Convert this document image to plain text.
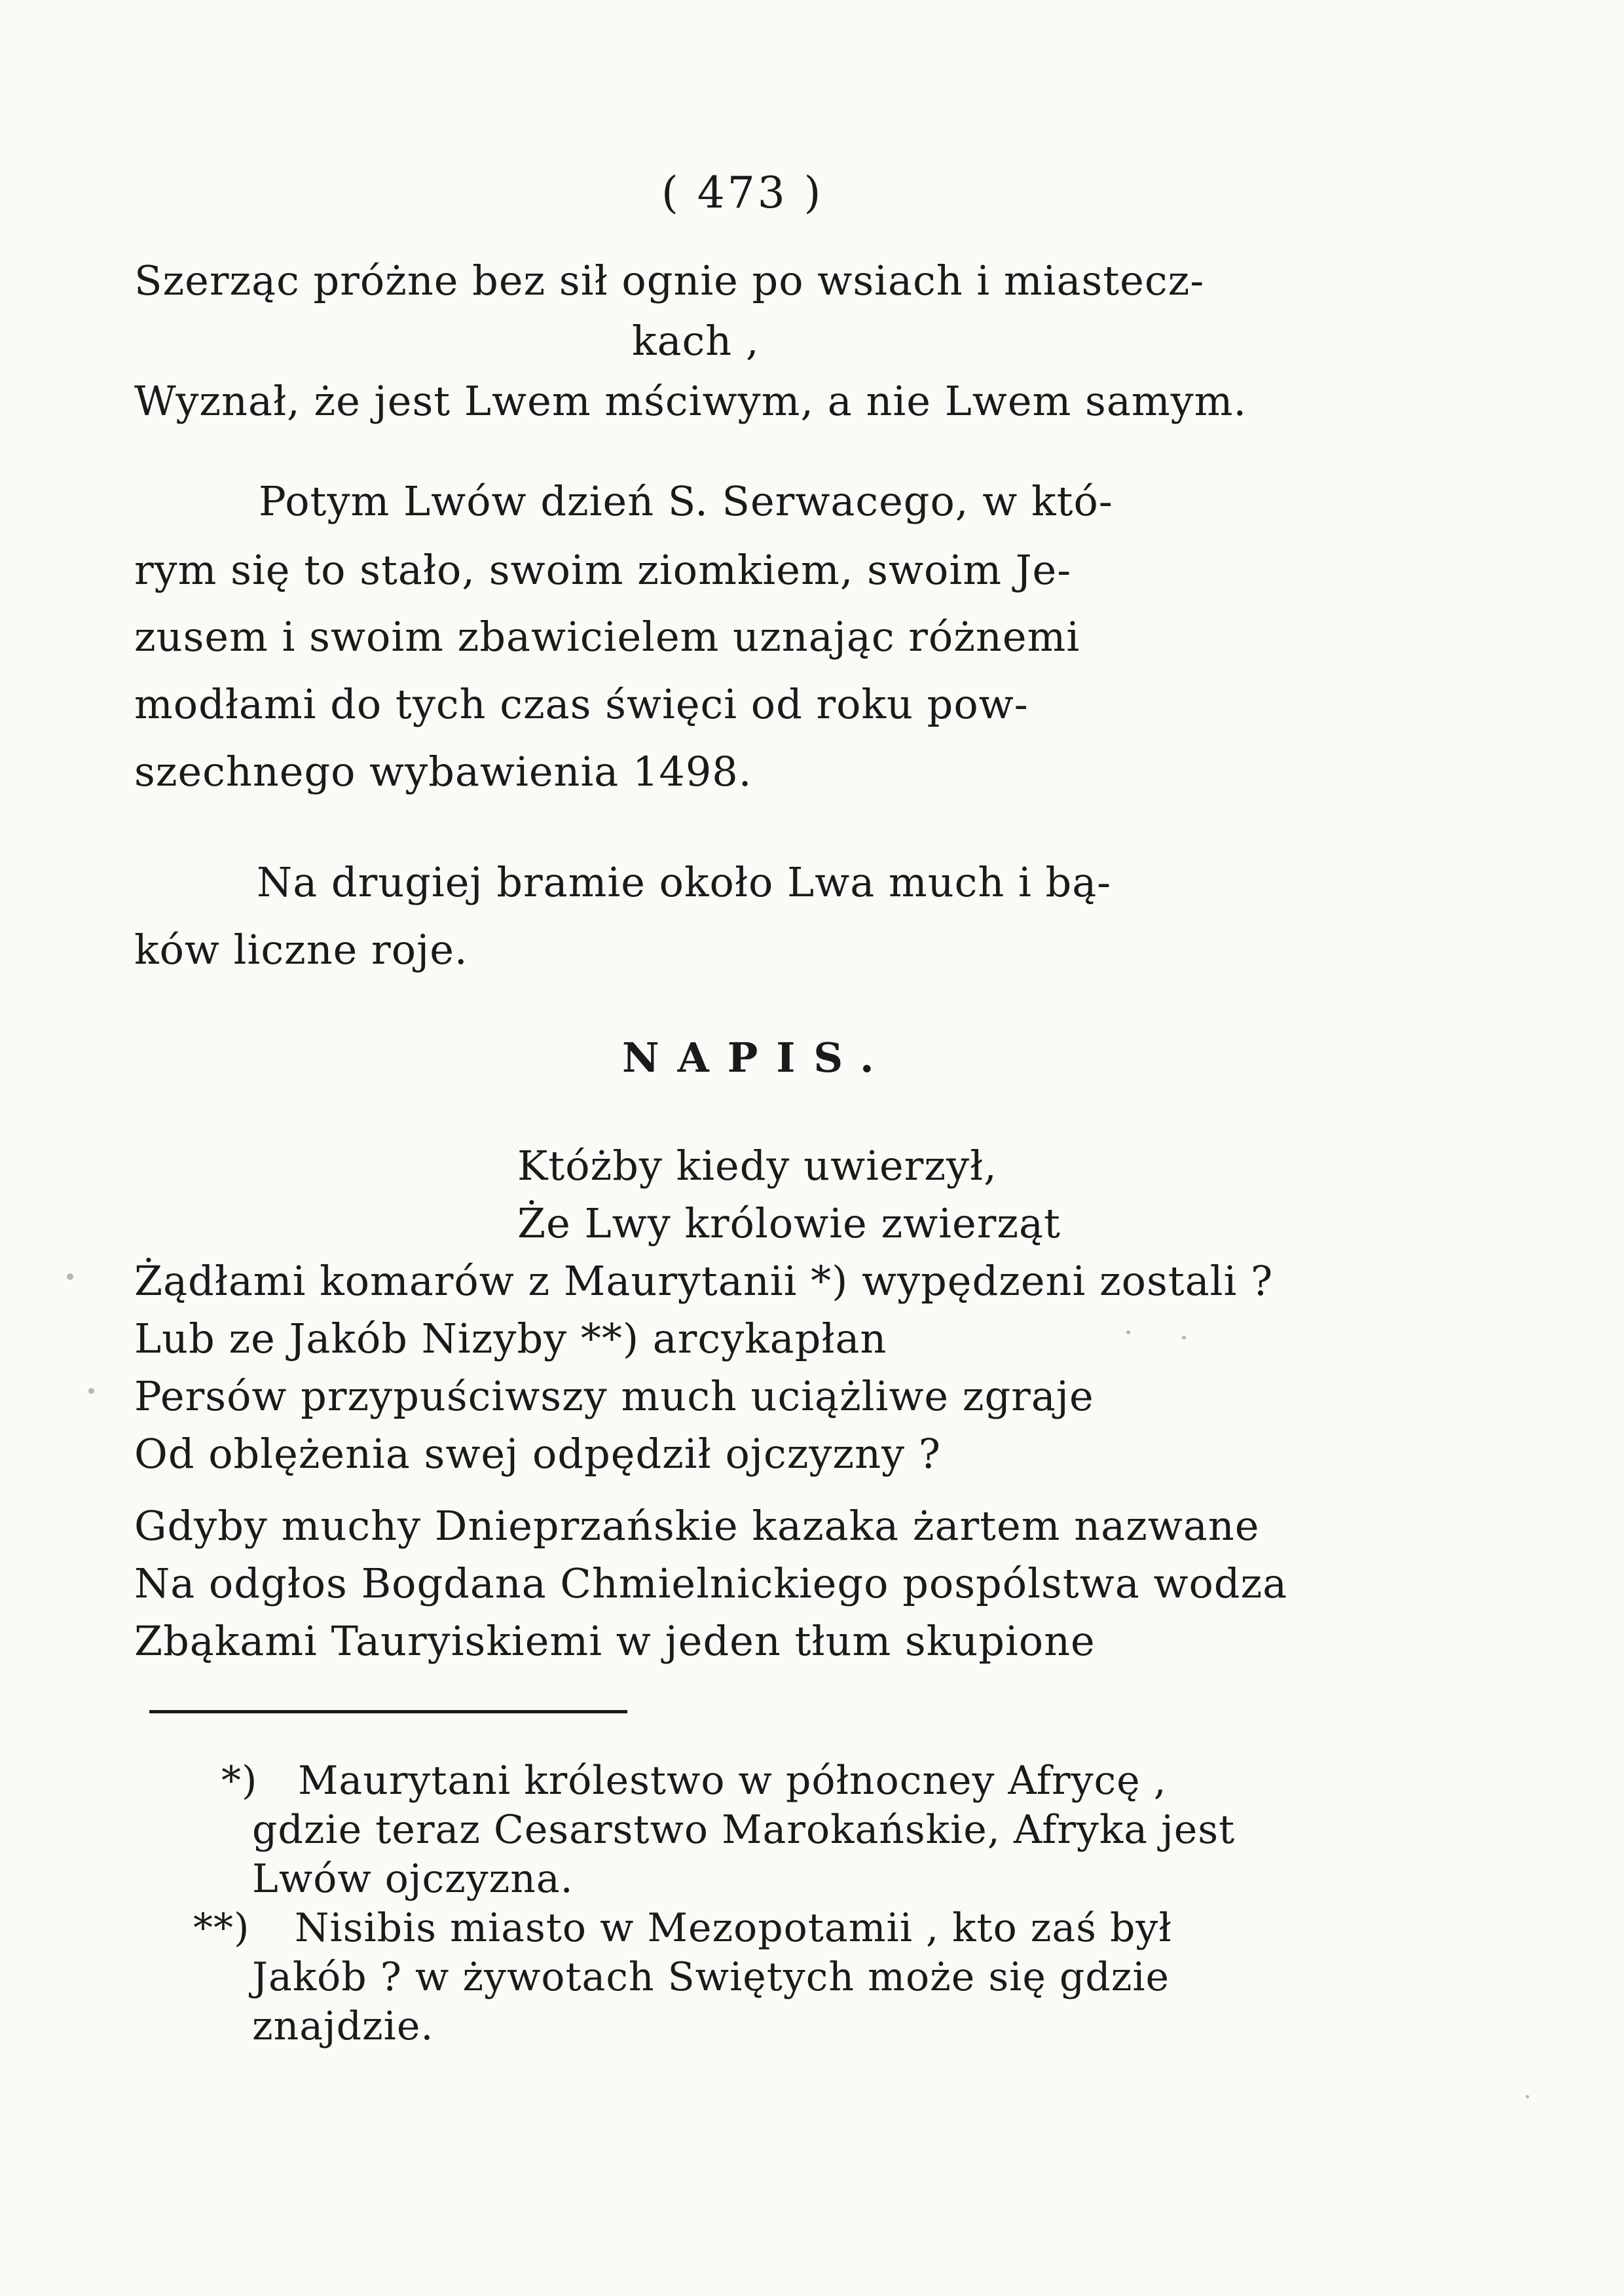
( 473 )
Szerząc próżne bez sił ognie po wsiach i miastecz-
kach ,
Wyznał, że jest Lwem mściwym, a nie Lwem samym.
Potym Lwów dzień S. Serwacego, w któ-
rym się to stało, swoim ziomkiem, swoim Je-
zusem i swoim zbawicielem uznając różnemi
modłami do tych czas święci od roku pow-
szechnego wybawienia 1498.
Na drugiej bramie około Lwa much i bą-
ków liczne roje.
NAPIS.
Któżby kiedy uwierzył,
Że Lwy królowie zwierząt
Żądłami komarów z Maurytanii *) wypędzeni zostali ?
Lub ze Jakób Nizyby **) arcykapłan
Persów przypuściwszy much uciążliwe zgraje
Od oblężenia swej odpędził ojczyzny ?
Gdyby muchy Dnieprzańskie kazaka żartem nazwane
Na odgłos Bogdana Chmielnickiego pospólstwa wodza
Zbąkami Tauryiskiemi w jeden tłum skupione
*) Maurytani królestwo w północney Afrycę ,
gdzie teraz Cesarstwo Marokańskie, Afryka jest
Lwów ojczyzna.
**) Nisibis miasto w Mezopotamii , kto zaś był
Jakób ? w żywotach Swiętych może się gdzie
znajdzie.
